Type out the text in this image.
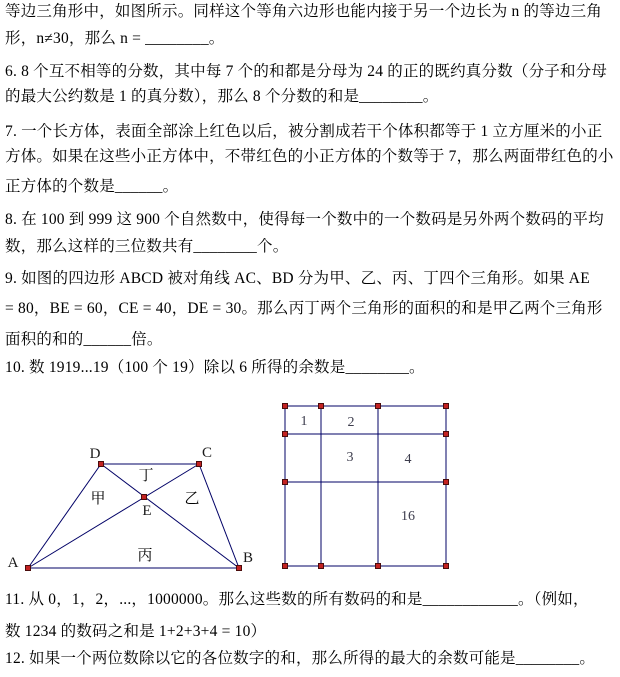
等边三角形中，如图所示。同样这个等角六边形也能内接于另一个边长为 n 的等边三角
形，n≠30，那么 n = ________。
6. 8 个互不相等的分数，其中每 7 个的和都是分母为 24 的正的既约真分数（分子和分母
的最大公约数是 1 的真分数），那么 8 个分数的和是________。
7. 一个长方体，表面全部涂上红色以后，被分割成若干个体积都等于 1 立方厘米的小正
方体。如果在这些小正方体中，不带红色的小正方体的个数等于 7，那么两面带红色的小
正方体的个数是______。
8. 在 100 到 999 这 900 个自然数中，使得每一个数中的一个数码是另外两个数码的平均
数，那么这样的三位数共有________个。
9. 如图的四边形 ABCD 被对角线 AC、BD 分为甲、乙、丙、丁四个三角形。如果 AE
= 80，BE = 60，CE = 40，DE = 30。那么丙丁两个三角形的面积的和是甲乙两个三角形
面积的和的______倍。
10. 数 1919...19（100 个 19）除以 6 所得的余数是________。
11. 从 0，1，2，...，1000000。那么这些数的所有数码的和是____________。（例如，
数 1234 的数码之和是 1+2+3+4 = 10）
12. 如果一个两位数除以它的各位数字的和，那么所得的最大的余数可能是________。
A	B
C
D
E
甲	乙
丙
丁
1	2
3	4
16
